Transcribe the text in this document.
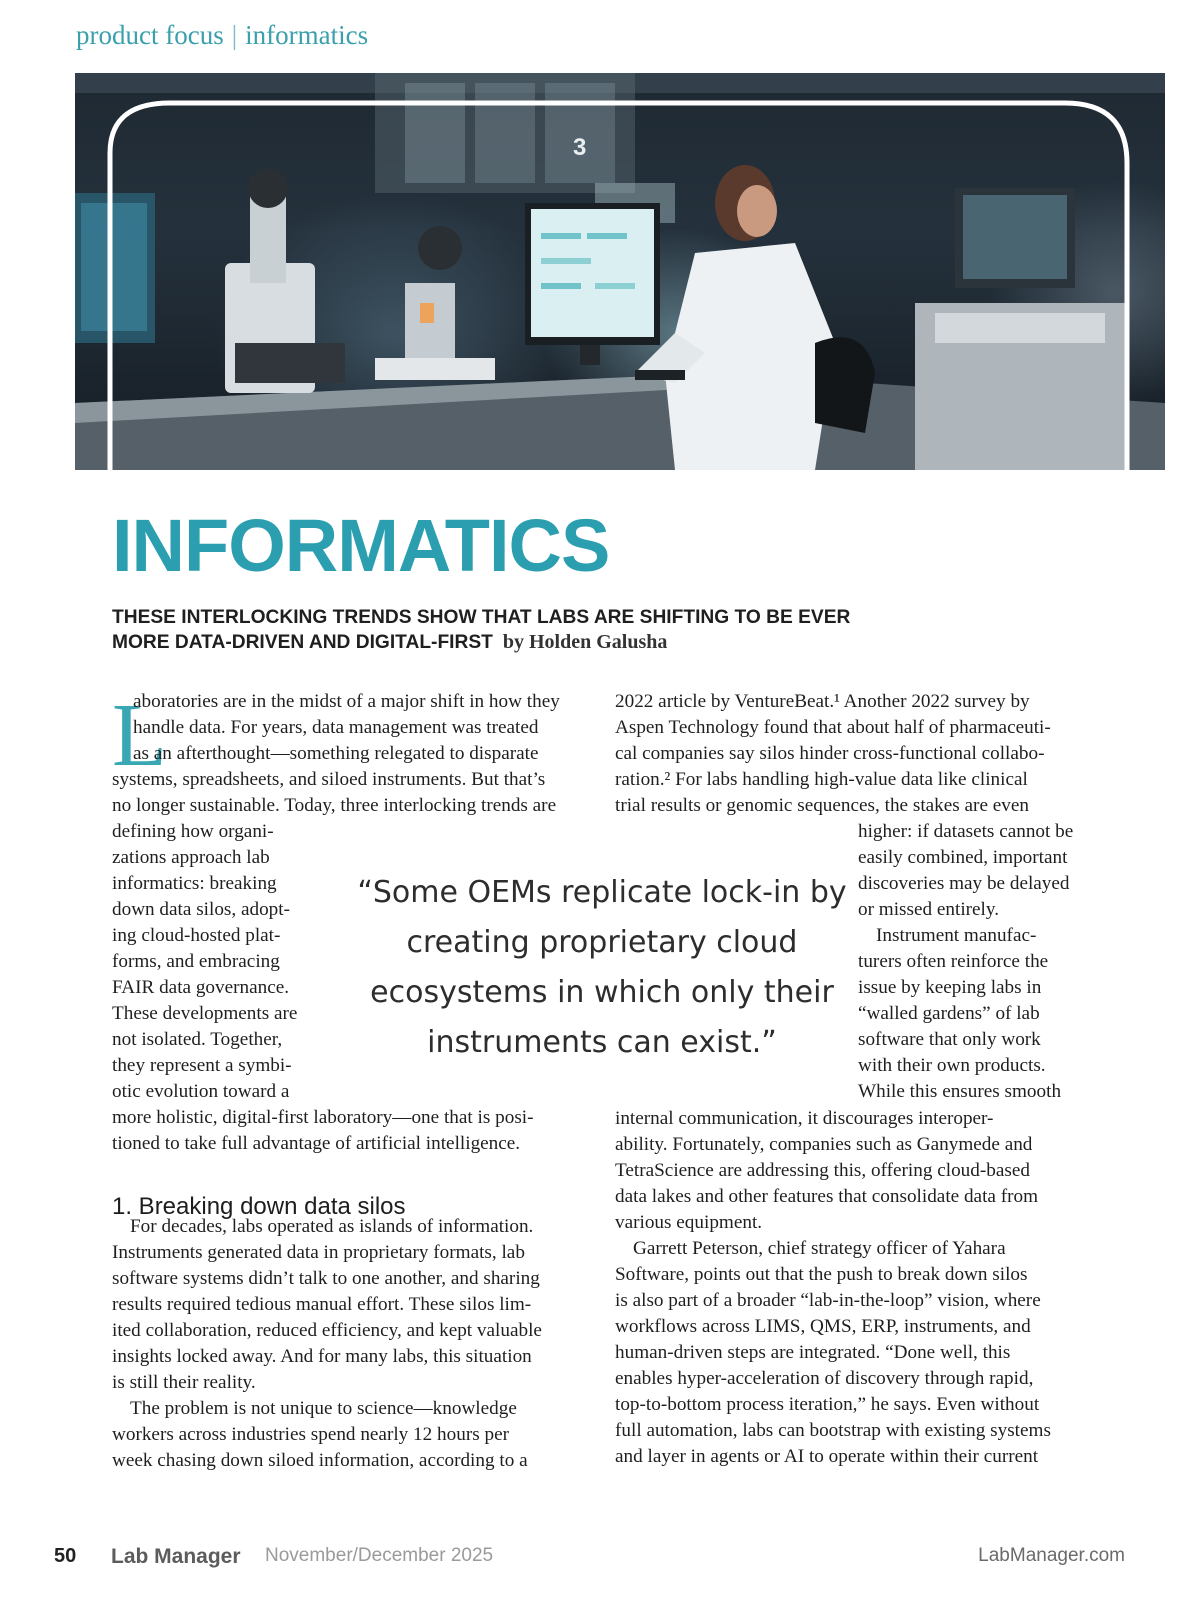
product focus | informatics
3
INFORMATICS
THESE INTERLOCKING TRENDS SHOW THAT LABS ARE SHIFTING TO BE EVER
MORE DATA-DRIVEN AND DIGITAL-FIRST by Holden Galusha
L
aboratories are in the midst of a major shift in how they
handle data. For years, data management was treated
as an afterthought—something relegated to disparate
systems, spreadsheets, and siloed instruments. But that’s
no longer sustainable. Today, three interlocking trends are
defining how organi-
zations approach lab
informatics: breaking
down data silos, adopt-
ing cloud-hosted plat-
forms, and embracing
FAIR data governance.
These developments are
not isolated. Together,
they represent a symbi-
otic evolution toward a
more holistic, digital-first laboratory—one that is posi-
tioned to take full advantage of artificial intelligence.
For decades, labs operated as islands of information.
Instruments generated data in proprietary formats, lab
software systems didn’t talk to one another, and sharing
results required tedious manual effort. These silos lim-
ited collaboration, reduced efficiency, and kept valuable
insights locked away. And for many labs, this situation
is still their reality.
The problem is not unique to science—knowledge
workers across industries spend nearly 12 hours per
week chasing down siloed information, according to a
2022 article by VentureBeat.¹ Another 2022 survey by
Aspen Technology found that about half of pharmaceuti-
cal companies say silos hinder cross-functional collabo-
ration.² For labs handling high-value data like clinical
trial results or genomic sequences, the stakes are even
higher: if datasets cannot be
easily combined, important
discoveries may be delayed
or missed entirely.
Instrument manufac-
turers often reinforce the
issue by keeping labs in
“walled gardens” of lab
software that only work
with their own products.
While this ensures smooth
internal communication, it discourages interoper-
ability. Fortunately, companies such as Ganymede and
TetraScience are addressing this, offering cloud-based
data lakes and other features that consolidate data from
various equipment.
Garrett Peterson, chief strategy officer of Yahara
Software, points out that the push to break down silos
is also part of a broader “lab-in-the-loop” vision, where
workflows across LIMS, QMS, ERP, instruments, and
human-driven steps are integrated. “Done well, this
enables hyper-acceleration of discovery through rapid,
top-to-bottom process iteration,” he says. Even without
full automation, labs can bootstrap with existing systems
and layer in agents or AI to operate within their current
1. Breaking down data silos
“Some OEMs replicate lock-in by
creating proprietary cloud
ecosystems in which only their
instruments can exist.”
50 Lab Manager November/December 2025	LabManager.com
